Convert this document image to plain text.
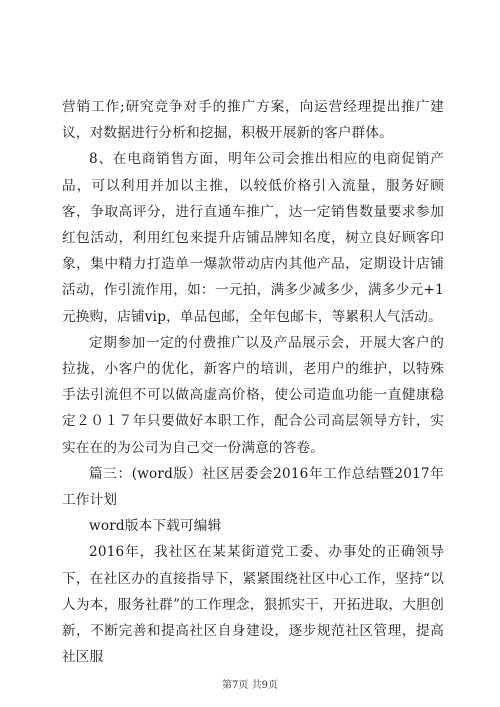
营销工作;研究竞争对手的推广方案，向运营经理提出推广建议，对数据进行分析和挖掘，积极开展新的客户群体。

8、在电商销售方面，明年公司会推出相应的电商促销产品，可以利用并加以主推，以较低价格引入流量，服务好顾客，争取高评分，进行直通车推广，达一定销售数量要求参加红包活动，利用红包来提升店铺品牌知名度，树立良好顾客印象，集中精力打造单一爆款带动店内其他产品，定期设计店铺活动，作引流作用，如：一元拍，满多少减多少，满多少元+1元换购，店铺vip，单品包邮，全年包邮卡，等累积人气活动。

定期参加一定的付费推广以及产品展示会，开展大客户的拉拢，小客户的优化，新客户的培训，老用户的维护，以特殊手法引流但不可以做高虚高价格，使公司造血功能一直健康稳定２０１７年只要做好本职工作，配合公司高层领导方针，实实在在的为公司为自己交一份满意的答卷。

篇三：(word版）社区居委会2016年工作总结暨2017年工作计划

word版本下载可编辑

2016年，我社区在某某街道党工委、办事处的正确领导下，在社区办的直接指导下，紧紧围绕社区中心工作，坚持“以人为本，服务社群”的工作理念，狠抓实干，开拓进取，大胆创新，不断完善和提高社区自身建设，逐步规范社区管理，提高社区服

第7页 共9页
